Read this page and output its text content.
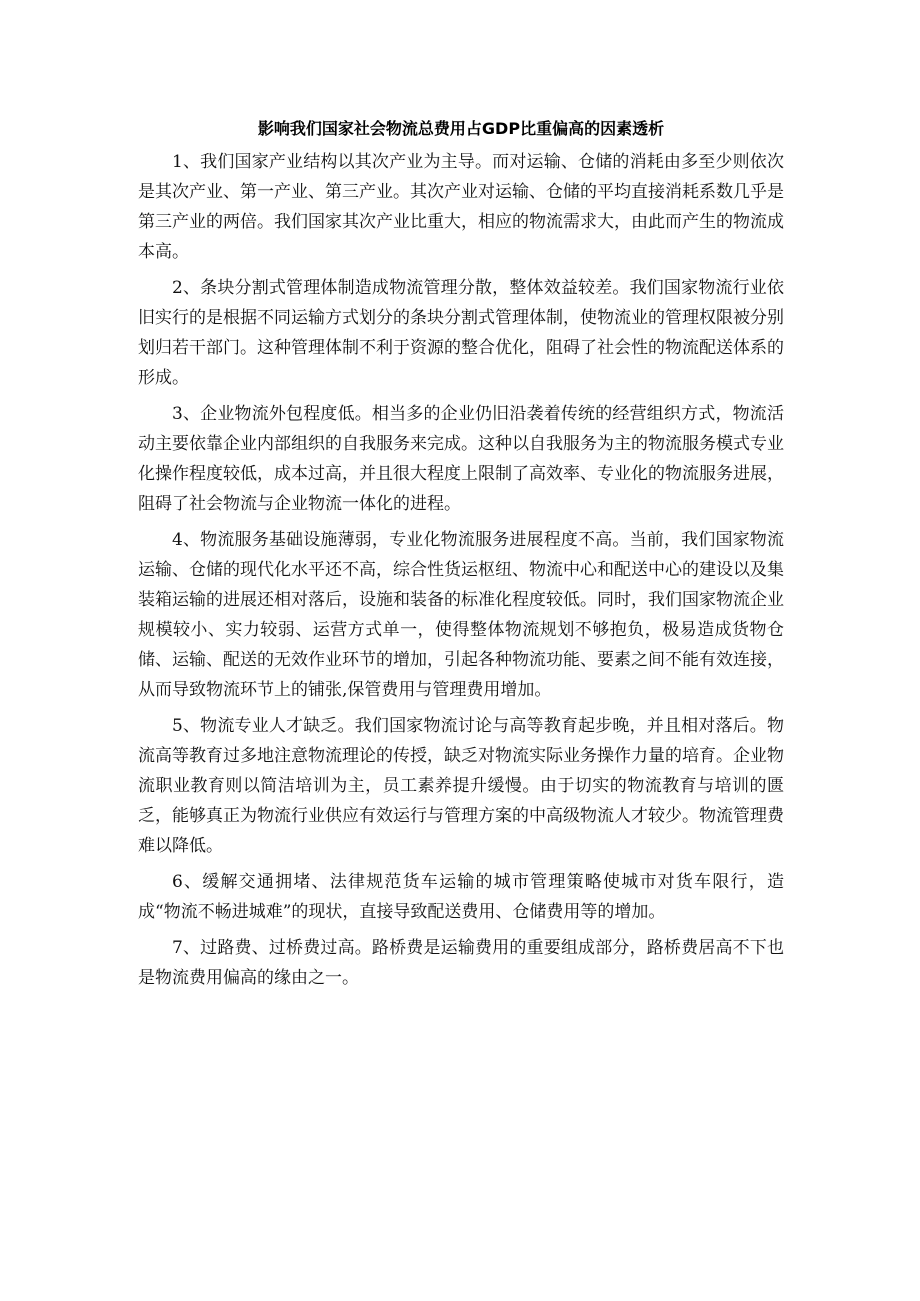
影响我们国家社会物流总费用占GDP比重偏高的因素透析

1、我们国家产业结构以其次产业为主导。而对运输、仓储的消耗由多至少则依次是其次产业、第一产业、第三产业。其次产业对运输、仓储的平均直接消耗系数几乎是第三产业的两倍。我们国家其次产业比重大，相应的物流需求大，由此而产生的物流成本高。

2、条块分割式管理体制造成物流管理分散，整体效益较差。我们国家物流行业依旧实行的是根据不同运输方式划分的条块分割式管理体制，使物流业的管理权限被分别划归若干部门。这种管理体制不利于资源的整合优化，阻碍了社会性的物流配送体系的形成。

3、企业物流外包程度低。相当多的企业仍旧沿袭着传统的经营组织方式，物流活动主要依靠企业内部组织的自我服务来完成。这种以自我服务为主的物流服务模式专业化操作程度较低，成本过高，并且很大程度上限制了高效率、专业化的物流服务进展，阻碍了社会物流与企业物流一体化的进程。

4、物流服务基础设施薄弱，专业化物流服务进展程度不高。当前，我们国家物流运输、仓储的现代化水平还不高，综合性货运枢纽、物流中心和配送中心的建设以及集装箱运输的进展还相对落后，设施和装备的标准化程度较低。同时，我们国家物流企业规模较小、实力较弱、运营方式单一，使得整体物流规划不够抱负，极易造成货物仓储、运输、配送的无效作业环节的增加，引起各种物流功能、要素之间不能有效连接，从而导致物流环节上的铺张,保管费用与管理费用增加。

5、物流专业人才缺乏。我们国家物流讨论与高等教育起步晚，并且相对落后。物流高等教育过多地注意物流理论的传授，缺乏对物流实际业务操作力量的培育。企业物流职业教育则以简洁培训为主，员工素养提升缓慢。由于切实的物流教育与培训的匮乏，能够真正为物流行业供应有效运行与管理方案的中高级物流人才较少。物流管理费难以降低。

6、缓解交通拥堵、法律规范货车运输的城市管理策略使城市对货车限行，造成“物流不畅进城难”的现状，直接导致配送费用、仓储费用等的增加。

7、过路费、过桥费过高。路桥费是运输费用的重要组成部分，路桥费居高不下也是物流费用偏高的缘由之一。
